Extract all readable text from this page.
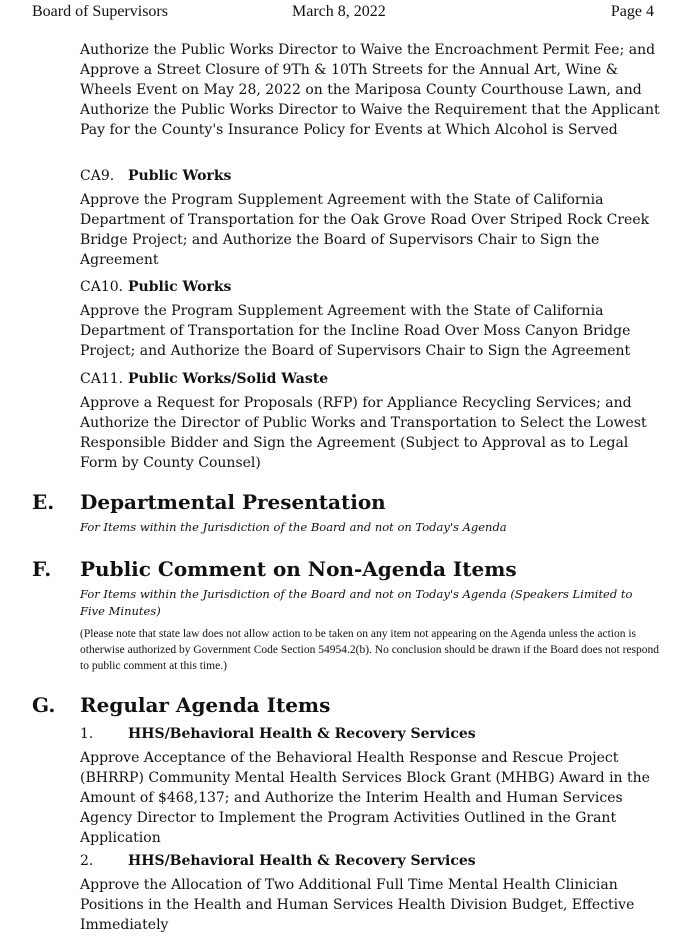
Board of Supervisors	March 8, 2022	Page 4

Authorize the Public Works Director to Waive the Encroachment Permit Fee; and Approve a Street Closure of 9Th & 10Th Streets for the Annual Art, Wine & Wheels Event on May 28, 2022 on the Mariposa County Courthouse Lawn, and Authorize the Public Works Director to Waive the Requirement that the Applicant Pay for the County's Insurance Policy for Events at Which Alcohol is Served

CA9. Public Works

Approve the Program Supplement Agreement with the State of California Department of Transportation for the Oak Grove Road Over Striped Rock Creek Bridge Project; and Authorize the Board of Supervisors Chair to Sign the Agreement

CA10. Public Works

Approve the Program Supplement Agreement with the State of California Department of Transportation for the Incline Road Over Moss Canyon Bridge Project; and Authorize the Board of Supervisors Chair to Sign the Agreement

CA11. Public Works/Solid Waste

Approve a Request for Proposals (RFP) for Appliance Recycling Services; and Authorize the Director of Public Works and Transportation to Select the Lowest Responsible Bidder and Sign the Agreement (Subject to Approval as to Legal Form by County Counsel)

E. Departmental Presentation
For Items within the Jurisdiction of the Board and not on Today's Agenda
F. Public Comment on Non-Agenda Items
For Items within the Jurisdiction of the Board and not on Today's Agenda (Speakers Limited to Five Minutes)
(Please note that state law does not allow action to be taken on any item not appearing on the Agenda unless the action is otherwise authorized by Government Code Section 54954.2(b). No conclusion should be drawn if the Board does not respond to public comment at this time.)
G. Regular Agenda Items

1. HHS/Behavioral Health & Recovery Services

Approve Acceptance of the Behavioral Health Response and Rescue Project (BHRRP) Community Mental Health Services Block Grant (MHBG) Award in the Amount of $468,137; and Authorize the Interim Health and Human Services Agency Director to Implement the Program Activities Outlined in the Grant Application

2. HHS/Behavioral Health & Recovery Services

Approve the Allocation of Two Additional Full Time Mental Health Clinician Positions in the Health and Human Services Health Division Budget, Effective Immediately
